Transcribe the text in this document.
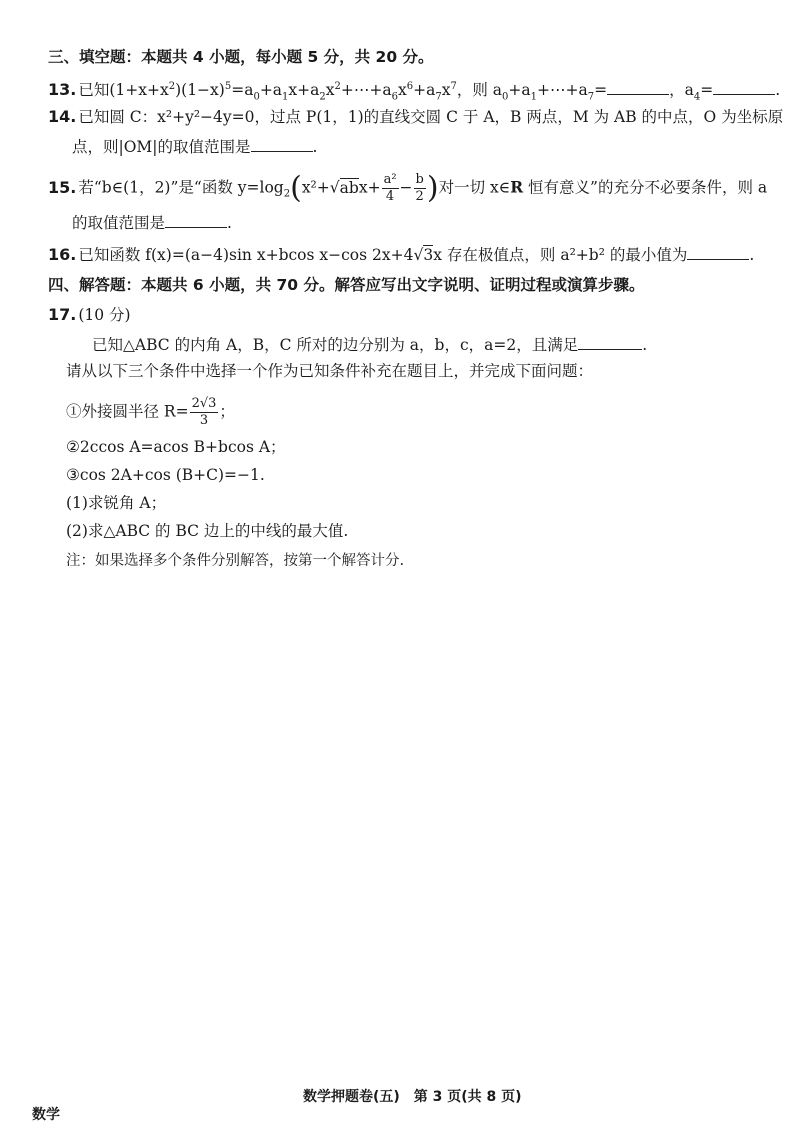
三、填空题：本题共 4 小题，每小题 5 分，共 20 分。
13. 已知$(1+x+x^2)(1-x)^5=a_0+a_1x+a_2x^2+\cdots+a_6x^6+a_7x^7$，则 $a_0+a_1+\cdots+a_7=$	，$a_4=$	.
14. 已知圆 C：x²+y²−4y=0，过点 P(1，1)的直线交圆 C 于 A，B 两点，M 为 AB 的中点，O 为坐标原
点，则|OM|的取值范围是	.
15. 若“b∈(1，2)”是“函数 $y=\log_2(x^2+√abx+ \frac{\text{a²}}{4} - \frac{b}{2}$ )对一切 x∈R 恒有意义”的充分不必要条件，则 a
的取值范围是	.
16. 已知函数 f(x)=(a−4)sin x+bcos x−cos 2x+4√3x 存在极值点，则 a²+b² 的最小值为	.
四、解答题：本题共 6 小题，共 70 分。解答应写出文字说明、证明过程或演算步骤。
17. (10 分)
已知△ABC 的内角 A，B，C 所对的边分别为 a，b，c，a=2，且满足	.
请从以下三个条件中选择一个作为已知条件补充在题目上，并完成下面问题：
①外接圆半径 $R= \frac{2√3}{3}$ ；
②2ccos A=acos B+bcos A；
③cos 2A+cos (B+C)=−1.
(1)求锐角 A；
(2)求△ABC 的 BC 边上的中线的最大值.
注：如果选择多个条件分别解答，按第一个解答计分.
数学押题卷(五)　第 3 页(共 8 页)
数学
